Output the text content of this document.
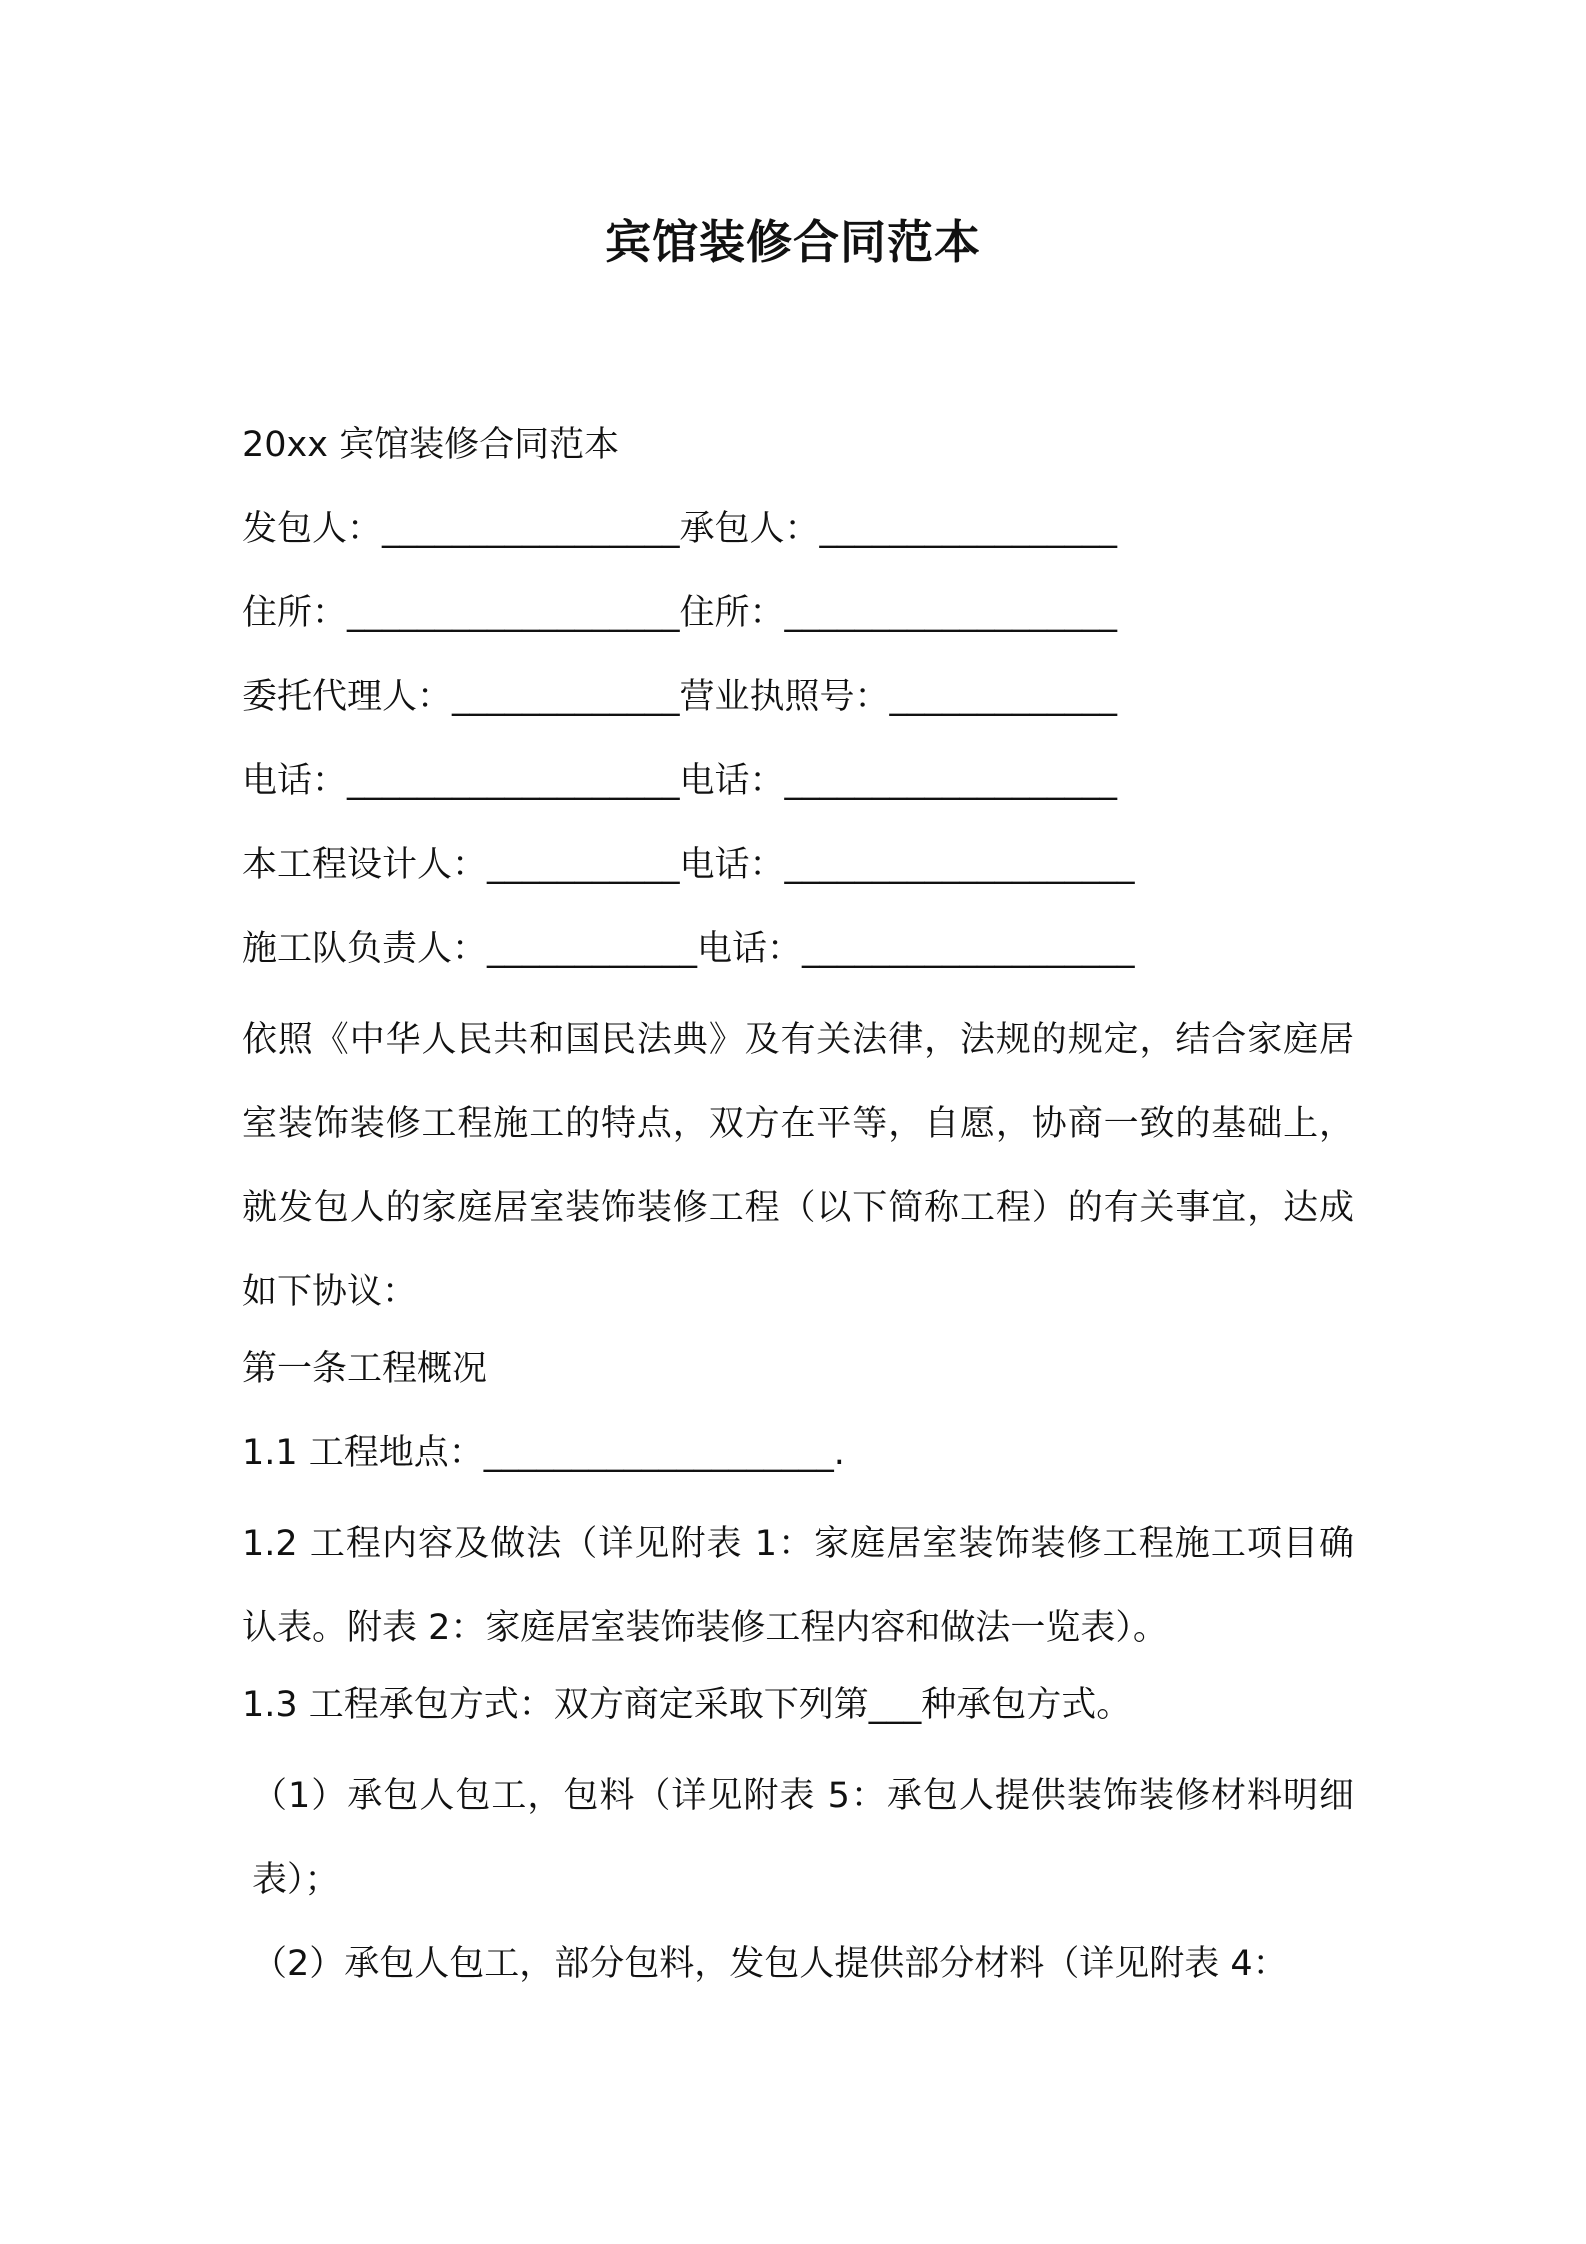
宾馆装修合同范本
20xx 宾馆装修合同范本
发包人：_________________承包人：_________________
住所：___________________住所：___________________
委托代理人：_____________营业执照号：_____________
电话：___________________电话：___________________
本工程设计人：___________电话：____________________
施工队负责人：____________电话：___________________
依照《中华人民共和国民法典》及有关法律，法规的规定，结合家庭居室装饰装修工程施工的特点，双方在平等，自愿，协商一致的基础上，就发包人的家庭居室装饰装修工程（以下简称工程）的有关事宜，达成如下协议：
第一条工程概况
1.1 工程地点：____________________.
1.2 工程内容及做法（详见附表 1：家庭居室装饰装修工程施工项目确认表。附表 2：家庭居室装饰装修工程内容和做法一览表）。
1.3 工程承包方式：双方商定采取下列第___种承包方式。
（1）承包人包工，包料（详见附表 5：承包人提供装饰装修材料明细表）；
（2）承包人包工，部分包料，发包人提供部分材料（详见附表 4：
